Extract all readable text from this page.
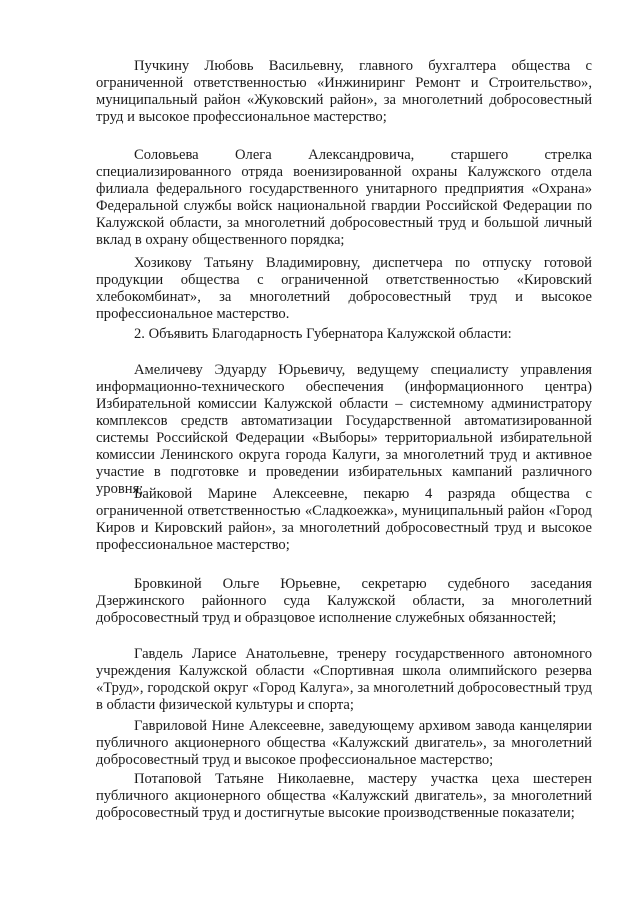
Пучкину Любовь Васильевну, главного бухгалтера общества с ограниченной ответственностью «Инжиниринг Ремонт и Строительство», муниципальный район «Жуковский район», за многолетний добросовестный труд и высокое профессиональное мастерство;

Соловьева Олега Александровича, старшего стрелка специализированного отряда военизированной охраны Калужского отдела филиала федерального государственного унитарного предприятия «Охрана» Федеральной службы войск национальной гвардии Российской Федерации по Калужской области, за многолетний добросовестный труд и большой личный вклад в охрану общественного порядка;

Хозикову Татьяну Владимировну, диспетчера по отпуску готовой продукции общества с ограниченной ответственностью «Кировский хлебокомбинат», за многолетний добросовестный труд и высокое профессиональное мастерство.

2. Объявить Благодарность Губернатора Калужской области:

Амеличеву Эдуарду Юрьевичу, ведущему специалисту управления информационно-технического обеспечения (информационного центра) Избирательной комиссии Калужской области – системному администратору комплексов средств автоматизации Государственной автоматизированной системы Российской Федерации «Выборы» территориальной избирательной комиссии Ленинского округа города Калуги, за многолетний труд и активное участие в подготовке и проведении избирательных кампаний различного уровня;

Байковой Марине Алексеевне, пекарю 4 разряда общества с ограниченной ответственностью «Сладкоежка», муниципальный район «Город Киров и Кировский район», за многолетний добросовестный труд и высокое профессиональное мастерство;

Бровкиной Ольге Юрьевне, секретарю судебного заседания Дзержинского районного суда Калужской области, за многолетний добросовестный труд и образцовое исполнение служебных обязанностей;

Гавдель Ларисе Анатольевне, тренеру государственного автономного учреждения Калужской области «Спортивная школа олимпийского резерва «Труд», городской округ «Город Калуга», за многолетний добросовестный труд в области физической культуры и спорта;

Гавриловой Нине Алексеевне, заведующему архивом завода канцелярии публичного акционерного общества «Калужский двигатель», за многолетний добросовестный труд и высокое профессиональное мастерство;

Потаповой Татьяне Николаевне, мастеру участка цеха шестерен публичного акционерного общества «Калужский двигатель», за многолетний добросовестный труд и достигнутые высокие производственные показатели;
